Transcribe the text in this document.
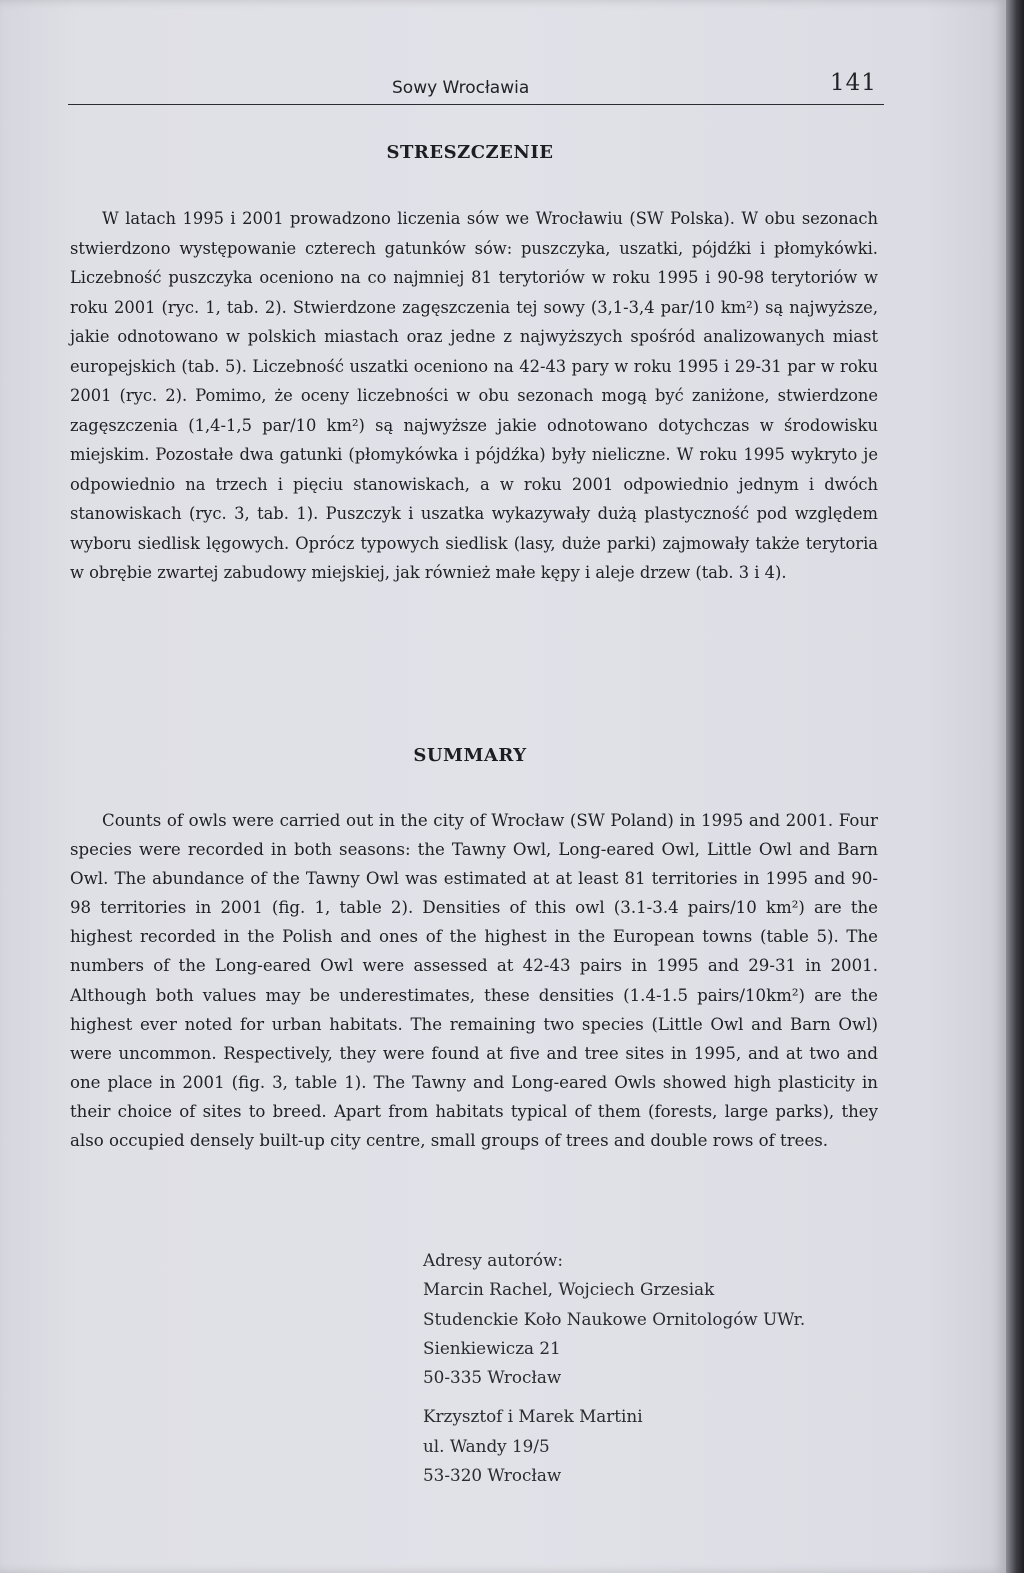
Sowy Wrocławia	141
STRESZCZENIE

W latach 1995 i 2001 prowadzono liczenia sów we Wrocławiu (SW Polska). W obu sezonach stwierdzono występowanie czterech gatunków sów: puszczyka, uszatki, pójdźki i płomykówki. Liczebność puszczyka oceniono na co najmniej 81 terytoriów w roku 1995 i 90-98 terytoriów w roku 2001 (ryc. 1, tab. 2). Stwierdzone zagęszczenia tej sowy (3,1-3,4 par/10 km²) są najwyższe, jakie odnotowano w polskich miastach oraz jedne z najwyższych spośród analizowanych miast europejskich (tab. 5). Liczebność uszatki oceniono na 42-43 pary w roku 1995 i 29-31 par w roku 2001 (ryc. 2). Pomimo, że oceny liczebności w obu sezonach mogą być zaniżone, stwierdzone zagęszczenia (1,4-1,5 par/10 km²) są najwyższe jakie odnotowano dotychczas w środowisku miejskim. Pozostałe dwa gatunki (płomykówka i pójdźka) były nieliczne. W roku 1995 wykryto je odpowiednio na trzech i pięciu stanowiskach, a w roku 2001 odpowiednio jednym i dwóch stanowiskach (ryc. 3, tab. 1). Puszczyk i uszatka wykazywały dużą plastyczność pod względem wyboru siedlisk lęgowych. Oprócz typowych siedlisk (lasy, duże parki) zajmowały także terytoria w obrębie zwartej zabudowy miejskiej, jak również małe kępy i aleje drzew (tab. 3 i 4).

SUMMARY

Counts of owls were carried out in the city of Wrocław (SW Poland) in 1995 and 2001. Four species were recorded in both seasons: the Tawny Owl, Long-eared Owl, Little Owl and Barn Owl. The abundance of the Tawny Owl was estimated at at least 81 territories in 1995 and 90-98 territories in 2001 (fig. 1, table 2). Densities of this owl (3.1-3.4 pairs/10 km²) are the highest recorded in the Polish and ones of the highest in the European towns (table 5). The numbers of the Long-eared Owl were assessed at 42-43 pairs in 1995 and 29-31 in 2001. Although both values may be underestimates, these densities (1.4-1.5 pairs/10km²) are the highest ever noted for urban habitats. The remaining two species (Little Owl and Barn Owl) were uncommon. Respectively, they were found at five and tree sites in 1995, and at two and one place in 2001 (fig. 3, table 1). The Tawny and Long-eared Owls showed high plasticity in their choice of sites to breed. Apart from habitats typical of them (forests, large parks), they also occupied densely built-up city centre, small groups of trees and double rows of trees.

Adresy autorów:
Marcin Rachel, Wojciech Grzesiak
Studenckie Koło Naukowe Ornitologów UWr.
Sienkiewicza 21
50-335 Wrocław
Krzysztof i Marek Martini
ul. Wandy 19/5
53-320 Wrocław
